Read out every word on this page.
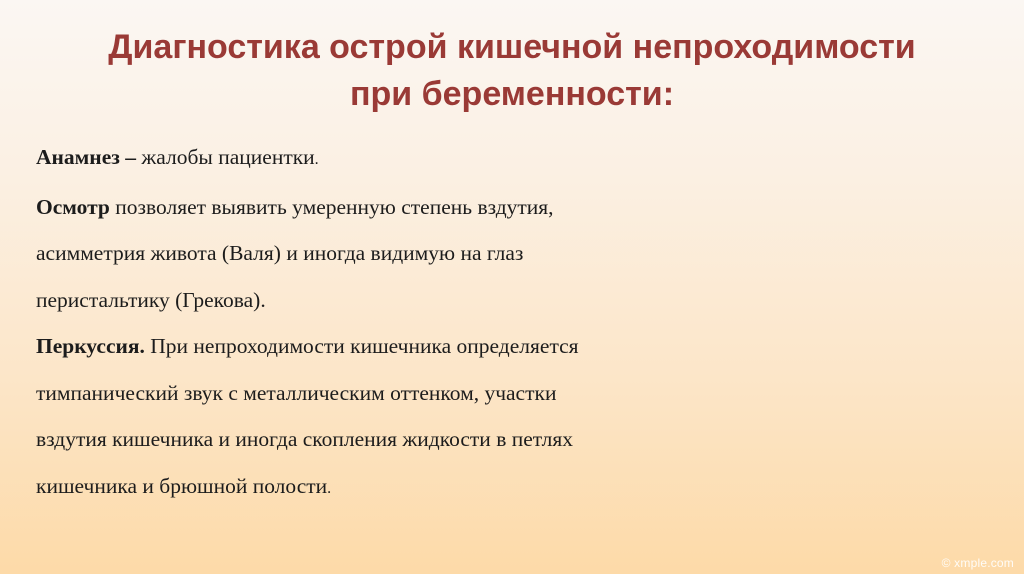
Диагностика острой кишечной непроходимости
при беременности:

Анамнез – жалобы пациентки.

Осмотр позволяет выявить умеренную степень вздутия,

асимметрия живота (Валя) и иногда видимую на глаз

перистальтику (Грекова).

Перкуссия. При непроходимости кишечника определяется

тимпанический звук с металлическим оттенком, участки

вздутия кишечника и иногда скопления жидкости в петлях

кишечника и брюшной полости.

© xmple.com
